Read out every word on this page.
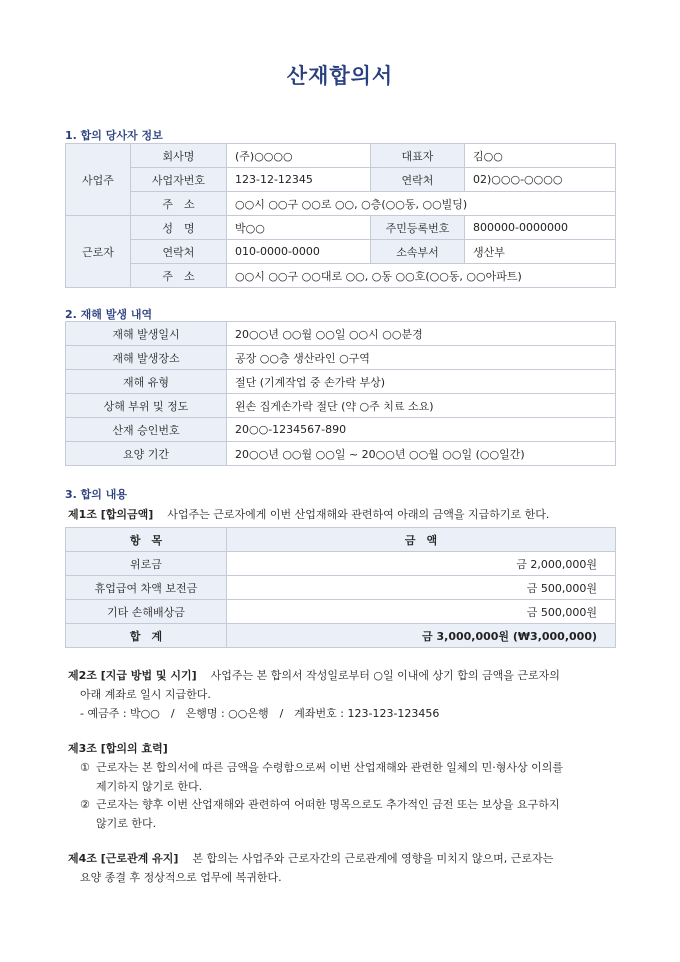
산재합의서
1. 합의 당사자 정보
사업주	회사명	(주)○○○○	대표자	김○○
	사업자번호	123-12-12345	연락처	02)○○○-○○○○
	주　소	○○시 ○○구 ○○로 ○○, ○층(○○동, ○○빌딩)		
근로자	성　명	박○○	주민등록번호	800000-0000000
	연락처	010-0000-0000	소속부서	생산부
	주　소	○○시 ○○구 ○○대로 ○○, ○동 ○○호(○○동, ○○아파트)		
2. 재해 발생 내역
재해 발생일시	20○○년 ○○월 ○○일 ○○시 ○○분경
재해 발생장소	공장 ○○층 생산라인 ○구역
재해 유형	절단 (기계작업 중 손가락 부상)
상해 부위 및 정도	왼손 집게손가락 절단 (약 ○주 치료 소요)
산재 승인번호	20○○-1234567-890
요양 기간	20○○년 ○○월 ○○일 ~ 20○○년 ○○월 ○○일 (○○일간)
3. 합의 내용
제1조 [합의금액] 사업주는 근로자에게 이번 산업재해와 관련하여 아래의 금액을 지급하기로 한다.
항　목	금　액
위로금	금 2,000,000원
휴업급여 차액 보전금	금 500,000원
기타 손해배상금	금 500,000원
합　계	금 3,000,000원 (₩3,000,000)
제2조 [지급 방법 및 시기] 사업주는 본 합의서 작성일로부터 ○일 이내에 상기 합의 금액을 근로자의
아래 계좌로 일시 지급한다.
- 예금주 : 박○○　/　은행명 : ○○은행　/　계좌번호 : 123-123-123456
제3조 [합의의 효력]
① 근로자는 본 합의서에 따른 금액을 수령함으로써 이번 산업재해와 관련한 일체의 민·형사상 이의를
제기하지 않기로 한다.
② 근로자는 향후 이번 산업재해와 관련하여 어떠한 명목으로도 추가적인 금전 또는 보상을 요구하지
않기로 한다.
제4조 [근로관계 유지] 본 합의는 사업주와 근로자간의 근로관계에 영향을 미치지 않으며, 근로자는
요양 종결 후 정상적으로 업무에 복귀한다.
